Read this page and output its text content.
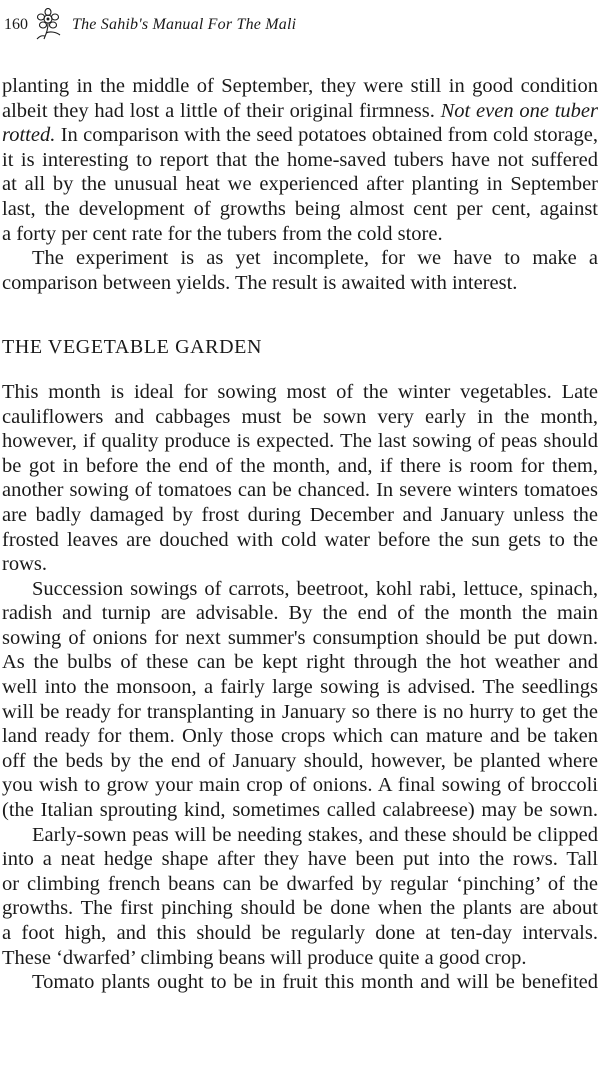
160	The Sahib's Manual For The Mali

planting in the middle of September, they were still in good condition
albeit they had lost a little of their original firmness. Not even one tuber
rotted. In comparison with the seed potatoes obtained from cold storage,
it is interesting to report that the home-saved tubers have not suffered
at all by the unusual heat we experienced after planting in September
last, the development of growths being almost cent per cent, against
a forty per cent rate for the tubers from the cold store.

The experiment is as yet incomplete, for we have to make a
comparison between yields. The result is awaited with interest.

THE VEGETABLE GARDEN

This month is ideal for sowing most of the winter vegetables. Late
cauliflowers and cabbages must be sown very early in the month,
however, if quality produce is expected. The last sowing of peas should
be got in before the end of the month, and, if there is room for them,
another sowing of tomatoes can be chanced. In severe winters tomatoes
are badly damaged by frost during December and January unless the
frosted leaves are douched with cold water before the sun gets to the
rows.

Succession sowings of carrots, beetroot, kohl rabi, lettuce, spinach,
radish and turnip are advisable. By the end of the month the main
sowing of onions for next summer's consumption should be put down.
As the bulbs of these can be kept right through the hot weather and
well into the monsoon, a fairly large sowing is advised. The seedlings
will be ready for transplanting in January so there is no hurry to get the
land ready for them. Only those crops which can mature and be taken
off the beds by the end of January should, however, be planted where
you wish to grow your main crop of onions. A final sowing of broccoli
(the Italian sprouting kind, sometimes called calabreese) may be sown.

Early-sown peas will be needing stakes, and these should be clipped
into a neat hedge shape after they have been put into the rows. Tall
or climbing french beans can be dwarfed by regular ‘pinching’ of the
growths. The first pinching should be done when the plants are about
a foot high, and this should be regularly done at ten-day intervals.
These ‘dwarfed’ climbing beans will produce quite a good crop.

Tomato plants ought to be in fruit this month and will be benefited
